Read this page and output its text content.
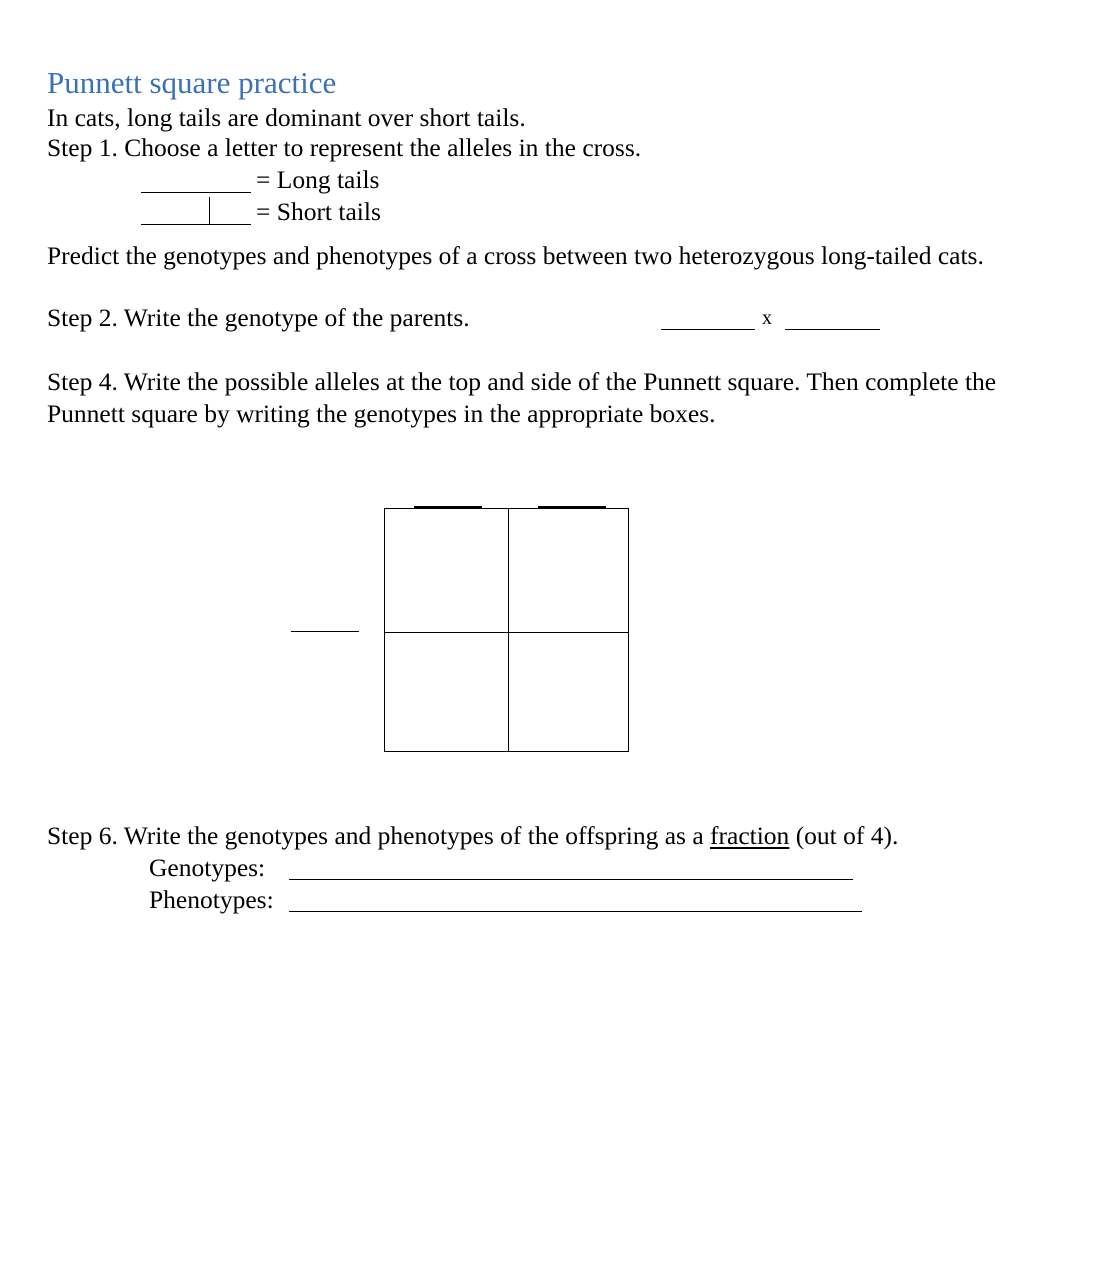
Punnett square practice
In cats, long tails are dominant over short tails.
Step 1. Choose a letter to represent the alleles in the cross.
= Long tails
= Short tails
Predict the genotypes and phenotypes of a cross between two heterozygous long-tailed cats.
Step 2. Write the genotype of the parents.	x
Step 4. Write the possible alleles at the top and side of the Punnett square. Then complete the
Punnett square by writing the genotypes in the appropriate boxes.
Step 6. Write the genotypes and phenotypes of the offspring as a fraction (out of 4).
Genotypes:
Phenotypes:
